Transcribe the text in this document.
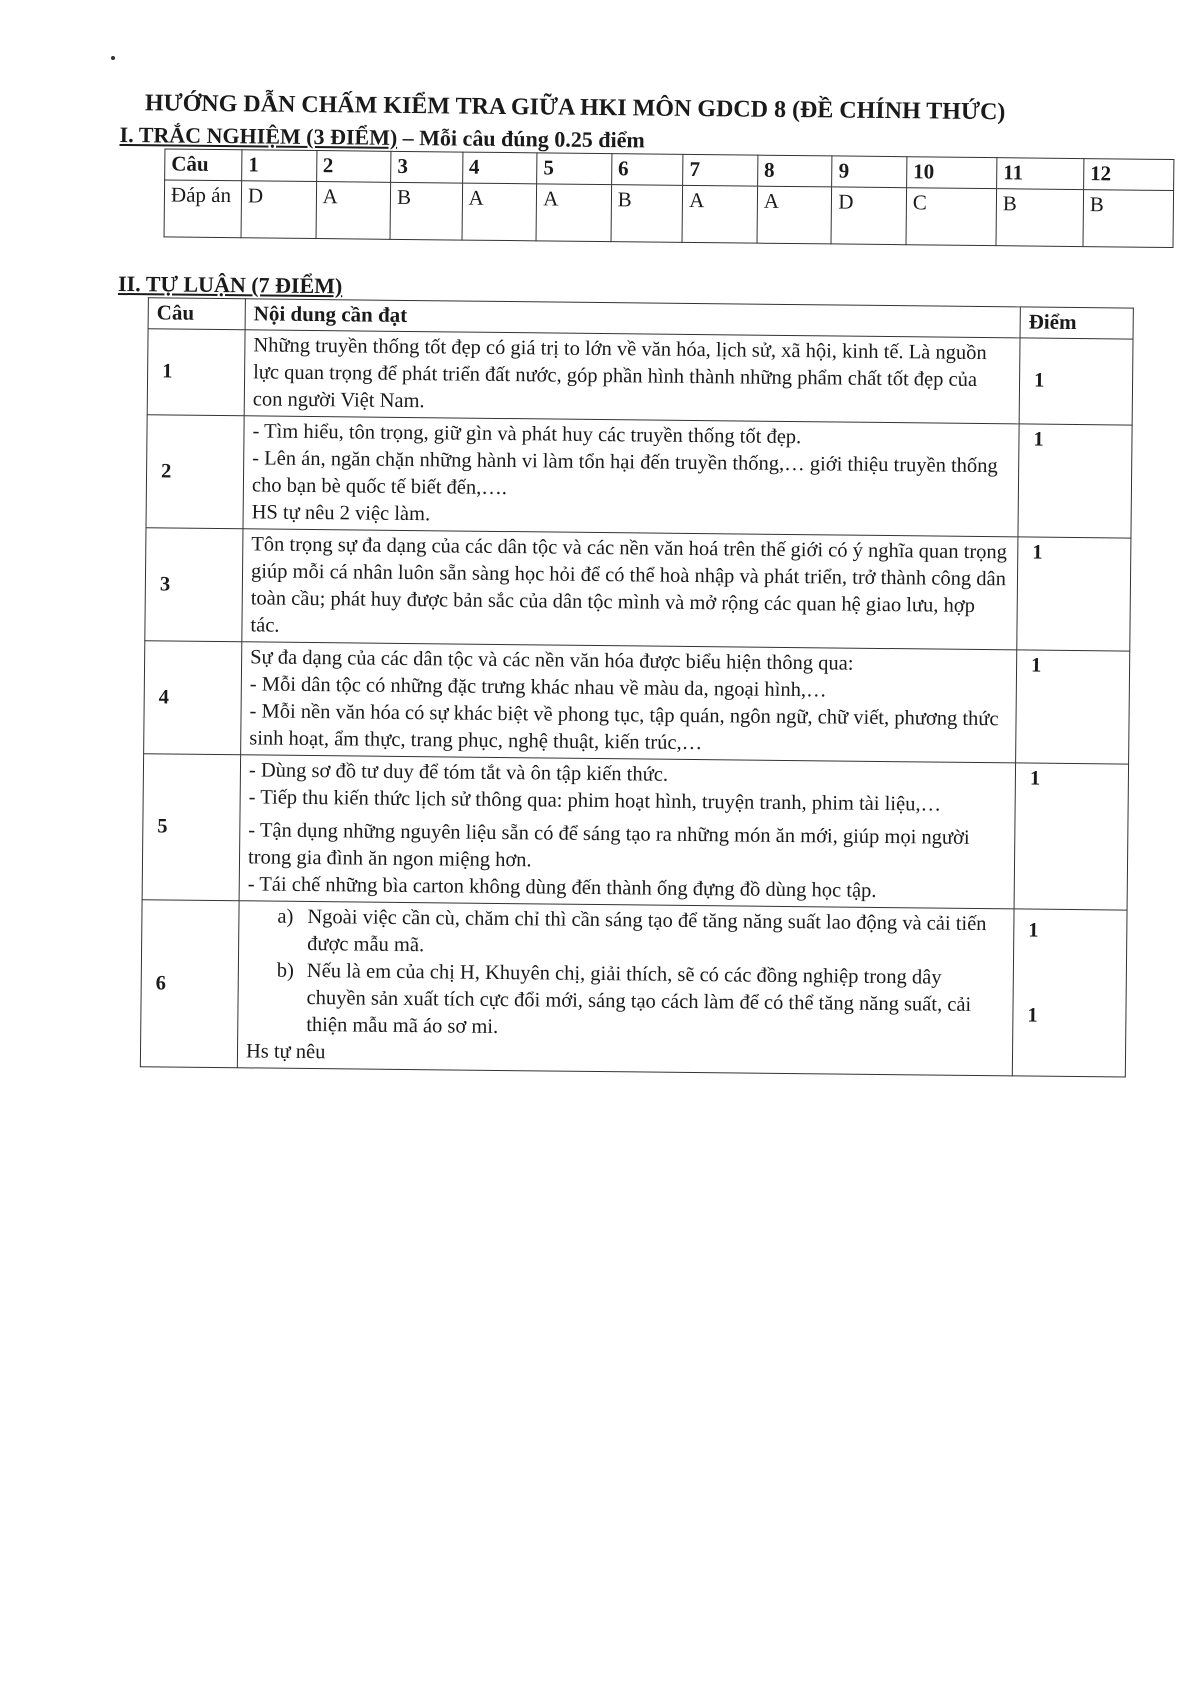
HƯỚNG DẪN CHẤM KIỂM TRA GIỮA HKI MÔN GDCD 8 (ĐỀ CHÍNH THỨC)

I. TRẮC NGHIỆM (3 ĐIỂM) – Mỗi câu đúng 0.25 điểm

Câu	1	2	3	4	5	6	7	8	9	10	11	12
Đáp án	D	A	B	A	A	B	A	A	D	C	B	B

II. TỰ LUẬN (7 ĐIỂM)

Câu	Nội dung cần đạt	Điểm
1	Những truyền thống tốt đẹp có giá trị to lớn về văn hóa, lịch sử, xã hội, kinh tế. Là nguồn lực quan trọng để phát triển đất nước, góp phần hình thành những phẩm chất tốt đẹp của con người Việt Nam.	1
2	- Tìm hiểu, tôn trọng, giữ gìn và phát huy các truyền thống tốt đẹp.
- Lên án, ngăn chặn những hành vi làm tổn hại đến truyền thống,… giới thiệu truyền thống cho bạn bè quốc tế biết đến,….
HS tự nêu 2 việc làm.	1
3	Tôn trọng sự đa dạng của các dân tộc và các nền văn hoá trên thế giới có ý nghĩa quan trọng giúp mỗi cá nhân luôn sẵn sàng học hỏi để có thể hoà nhập và phát triển, trở thành công dân toàn cầu; phát huy được bản sắc của dân tộc mình và mở rộng các quan hệ giao lưu, hợp tác.	1
4	Sự đa dạng của các dân tộc và các nền văn hóa được biểu hiện thông qua:
- Mỗi dân tộc có những đặc trưng khác nhau về màu da, ngoại hình,…
- Mỗi nền văn hóa có sự khác biệt về phong tục, tập quán, ngôn ngữ, chữ viết, phương thức sinh hoạt, ẩm thực, trang phục, nghệ thuật, kiến trúc,…	1
5	- Dùng sơ đồ tư duy để tóm tắt và ôn tập kiến thức.
- Tiếp thu kiến thức lịch sử thông qua: phim hoạt hình, truyện tranh, phim tài liệu,…
- Tận dụng những nguyên liệu sẵn có để sáng tạo ra những món ăn mới, giúp mọi người trong gia đình ăn ngon miệng hơn.
- Tái chế những bìa carton không dùng đến thành ống đựng đồ dùng học tập.	1
6	a) Ngoài việc cần cù, chăm chỉ thì cần sáng tạo để tăng năng suất lao động và cải tiến được mẫu mã.
b) Nếu là em của chị H, Khuyên chị, giải thích, sẽ có các đồng nghiệp trong dây chuyền sản xuất tích cực đổi mới, sáng tạo cách làm để có thể tăng năng suất, cải thiện mẫu mã áo sơ mi.
Hs tự nêu	1
1
